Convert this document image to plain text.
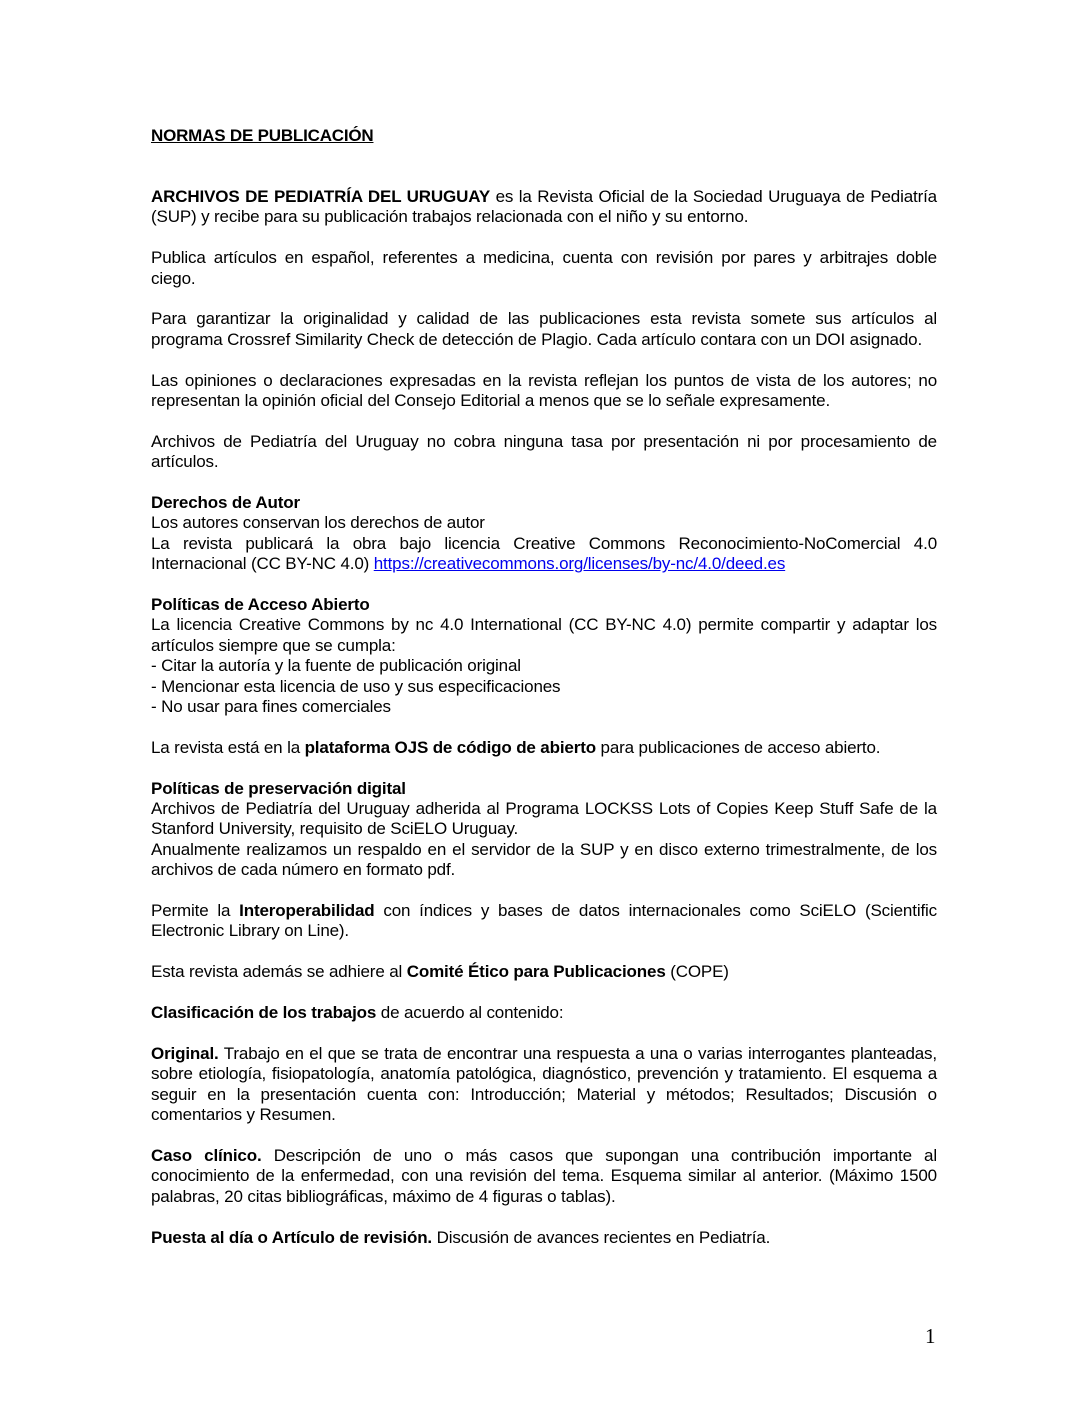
NORMAS DE PUBLICACIÓN

ARCHIVOS DE PEDIATRÍA DEL URUGUAY es la Revista Oficial de la Sociedad Uruguaya de Pediatría (SUP) y recibe para su publicación trabajos relacionada con el niño y su entorno.

Publica artículos en español, referentes a medicina, cuenta con revisión por pares y arbitrajes doble ciego.

Para garantizar la originalidad y calidad de las publicaciones esta revista somete sus artículos al programa Crossref Similarity Check de detección de Plagio. Cada artículo contara con un DOI asignado.

Las opiniones o declaraciones expresadas en la revista reflejan los puntos de vista de los autores; no representan la opinión oficial del Consejo Editorial a menos que se lo señale expresamente.

Archivos de Pediatría del Uruguay no cobra ninguna tasa por presentación ni por procesamiento de artículos.

Derechos de Autor
Los autores conservan los derechos de autor
La revista publicará la obra bajo licencia Creative Commons Reconocimiento-NoComercial 4.0 Internacional (CC BY-NC 4.0) https://creativecommons.org/licenses/by-nc/4.0/deed.es
Políticas de Acceso Abierto
La licencia Creative Commons by nc 4.0 International (CC BY-NC 4.0) permite compartir y adaptar los artículos siempre que se cumpla:
- Citar la autoría y la fuente de publicación original
- Mencionar esta licencia de uso y sus especificaciones
- No usar para fines comerciales

La revista está en la plataforma OJS de código de abierto para publicaciones de acceso abierto.

Políticas de preservación digital
Archivos de Pediatría del Uruguay adherida al Programa LOCKSS Lots of Copies Keep Stuff Safe de la Stanford University, requisito de SciELO Uruguay.
Anualmente realizamos un respaldo en el servidor de la SUP y en disco externo trimestralmente, de los archivos de cada número en formato pdf.

Permite la Interoperabilidad con índices y bases de datos internacionales como SciELO (Scientific Electronic Library on Line).

Esta revista además se adhiere al Comité Ético para Publicaciones (COPE)

Clasificación de los trabajos de acuerdo al contenido:

Original. Trabajo en el que se trata de encontrar una respuesta a una o varias interrogantes planteadas, sobre etiología, fisiopatología, anatomía patológica, diagnóstico, prevención y tratamiento. El esquema a seguir en la presentación cuenta con: Introducción; Material y métodos; Resultados; Discusión o comentarios y Resumen.

Caso clínico. Descripción de uno o más casos que supongan una contribución importante al conocimiento de la enfermedad, con una revisión del tema. Esquema similar al anterior. (Máximo 1500 palabras, 20 citas bibliográficas, máximo de 4 figuras o tablas).

Puesta al día o Artículo de revisión. Discusión de avances recientes en Pediatría.

1
